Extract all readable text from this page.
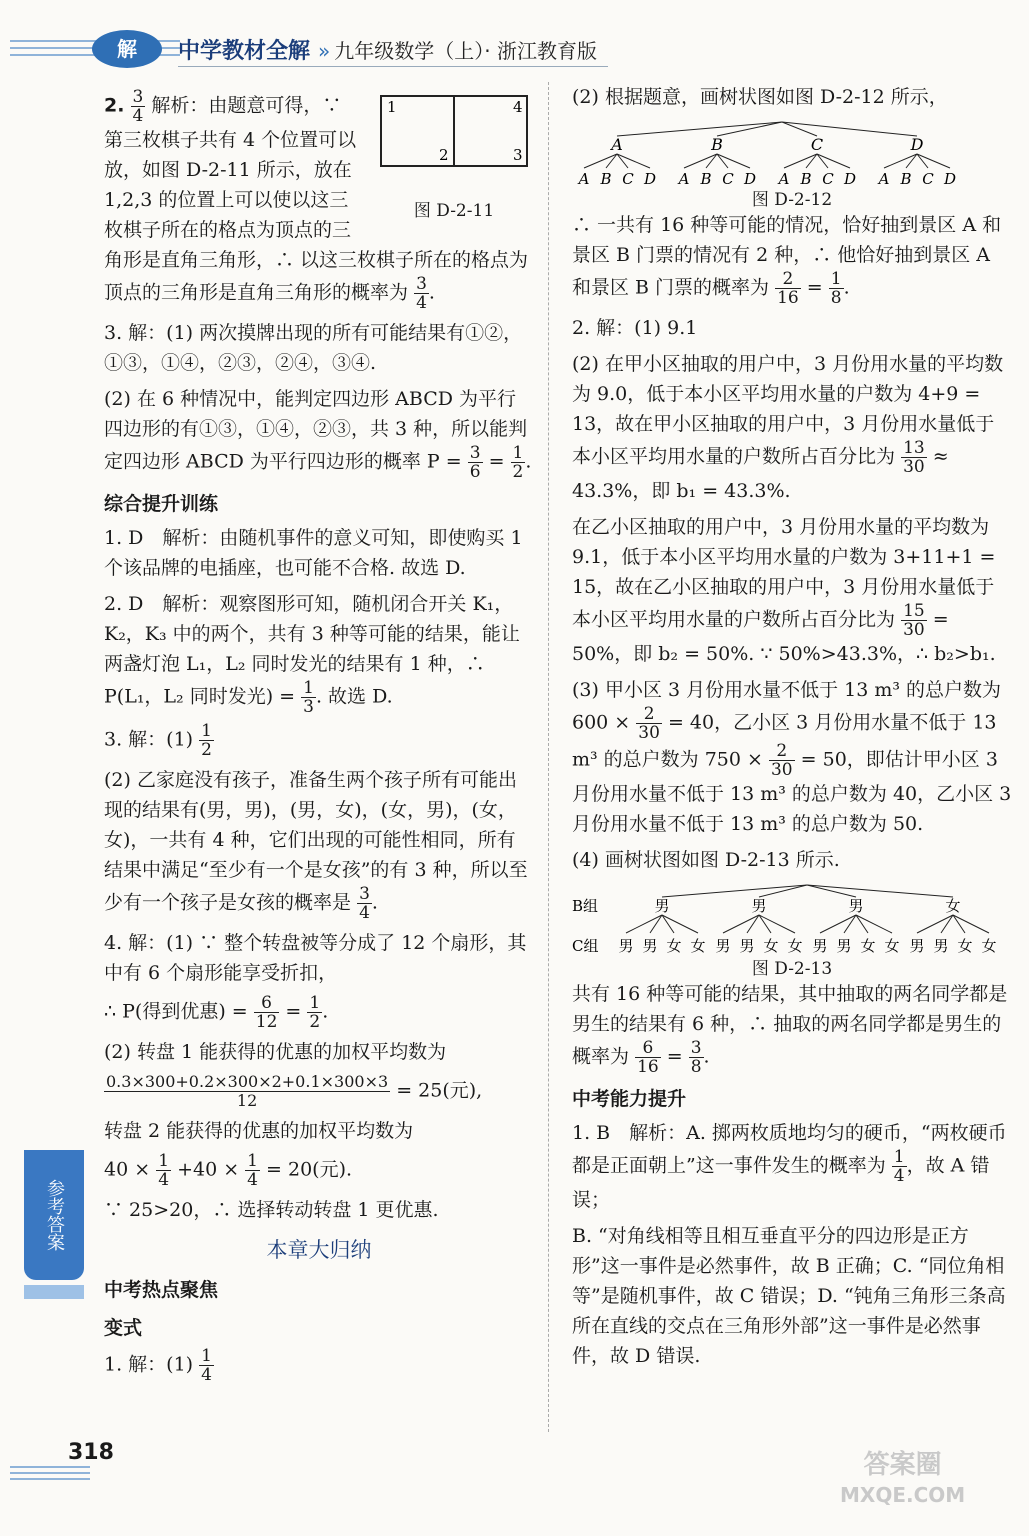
解	中学教材全解 » 九年级数学（上）· 浙江教育版
1	4
2	3
图 D-2-11

2. $\frac{3}{4}$ 解析：由题意可得，∵ 第三枚棋子共有 4 个位置可以放，如图 D-2-11 所示，放在 1,2,3 的位置上可以使以这三枚棋子所在的格点为顶点的三角形是直角三角形，∴ 以这三枚棋子所在的格点为顶点的三角形是直角三角形的概率为 $\frac{3}{4}$ .

3. 解：(1) 两次摸牌出现的所有可能结果有①②，①③，①④，②③，②④，③④.

(2) 在 6 种情况中，能判定四边形 ABCD 为平行四边形的有①③，①④，②③，共 3 种，所以能判定四边形 ABCD 为平行四边形的概率 $P = \frac{3}{6} = \frac{1}{2}$ .

综合提升训练

1. D　解析：由随机事件的意义可知，即使购买 1 个该品牌的电插座，也可能不合格. 故选 D.

2. D　解析：观察图形可知，随机闭合开关 K₁，K₂，K₃ 中的两个，共有 3 种等可能的结果，能让两盏灯泡 L₁，L₂ 同时发光的结果有 1 种，∴ P(L₁，L₂ 同时发光) = $\frac{1}{3}$ . 故选 D.

3. 解：$(1) \frac{1}{2}$

(2) 乙家庭没有孩子，准备生两个孩子所有可能出现的结果有(男，男)，(男，女)，(女，男)，(女，女)，一共有 4 种，它们出现的可能性相同，所有结果中满足“至少有一个是女孩”的有 3 种，所以至少有一个孩子是女孩的概率是 $\frac{3}{4}$ .

4. 解：(1) ∵ 整个转盘被等分成了 12 个扇形，其中有 6 个扇形能享受折扣，

∴ P(得到优惠) = $\frac{6}{12} = \frac{1}{2}$ .

(2) 转盘 1 能获得的优惠的加权平均数为

$\frac{0.3\times 300+0.2\times 300\times 2+0.1\times 300\times 3}{12} = 25$(元),

转盘 2 能获得的优惠的加权平均数为

$40 \times \frac{1}{4} +40 \times \frac{1}{4} = 20$(元).

∵ 25>20，∴ 选择转动转盘 1 更优惠.

本章大归纳
中考热点聚焦
变式

1. 解：$(1) \frac{1}{4}$

(2) 根据题意，画树状图如图 D-2-12 所示，

A
A B C D
B
A B C D
C
A B C D
D
A B C D
图 D-2-12

∴ 一共有 16 种等可能的情况，恰好抽到景区 A 和景区 B 门票的情况有 2 种，∴ 他恰好抽到景区 A 和景区 B 门票的概率为 $\frac{2}{16} = \frac{1}{8}$ .

2. 解：(1) 9.1

(2) 在甲小区抽取的用户中，3 月份用水量的平均数为 9.0，低于本小区平均用水量的户数为 4+9 = 13，故在甲小区抽取的用户中，3 月份用水量低于本小区平均用水量的户数所占百分比为 $\frac{13}{30} \approx 43.3\%$，即 b₁ = 43.3%.

在乙小区抽取的用户中，3 月份用水量的平均数为 9.1，低于本小区平均用水量的户数为 3+11+1 = 15，故在乙小区抽取的用户中，3 月份用水量低于本小区平均用水量的户数所占百分比为 $\frac{15}{30} = 50\%$，即 b₂ = 50%. ∵ 50%>43.3%，∴ b₂>b₁.

(3) 甲小区 3 月份用水量不低于 13 m³ 的总户数为 $600 \times \frac{2}{30} = 40$，乙小区 3 月份用水量不低于 13 m³ 的总户数为 $750 \times \frac{2}{30} = 50$，即估计甲小区 3 月份用水量不低于 13 m³ 的总户数为 40，乙小区 3 月份用水量不低于 13 m³ 的总户数为 50.

(4) 画树状图如图 D-2-13 所示.

B组
C组
男
男 男 女 女
男
男 男 女 女
男
男 男 女 女
女
男 男 女 女
图 D-2-13

共有 16 种等可能的结果，其中抽取的两名同学都是男生的结果有 6 种，∴ 抽取的两名同学都是男生的概率为 $\frac{6}{16} = \frac{3}{8}$ .

中考能力提升

1. B　解析：A. 掷两枚质地均匀的硬币，“两枚硬币都是正面朝上”这一事件发生的概率为 $\frac{1}{4}$ ，故 A 错误；

B. “对角线相等且相互垂直平分的四边形是正方形”这一事件是必然事件，故 B 正确；C. “同位角相等”是随机事件，故 C 错误；D. “钝角三角形三条高所在直线的交点在三角形外部”这一事件是必然事件，故 D 错误.

参考答案
318	答案圈
MXQE.COM
